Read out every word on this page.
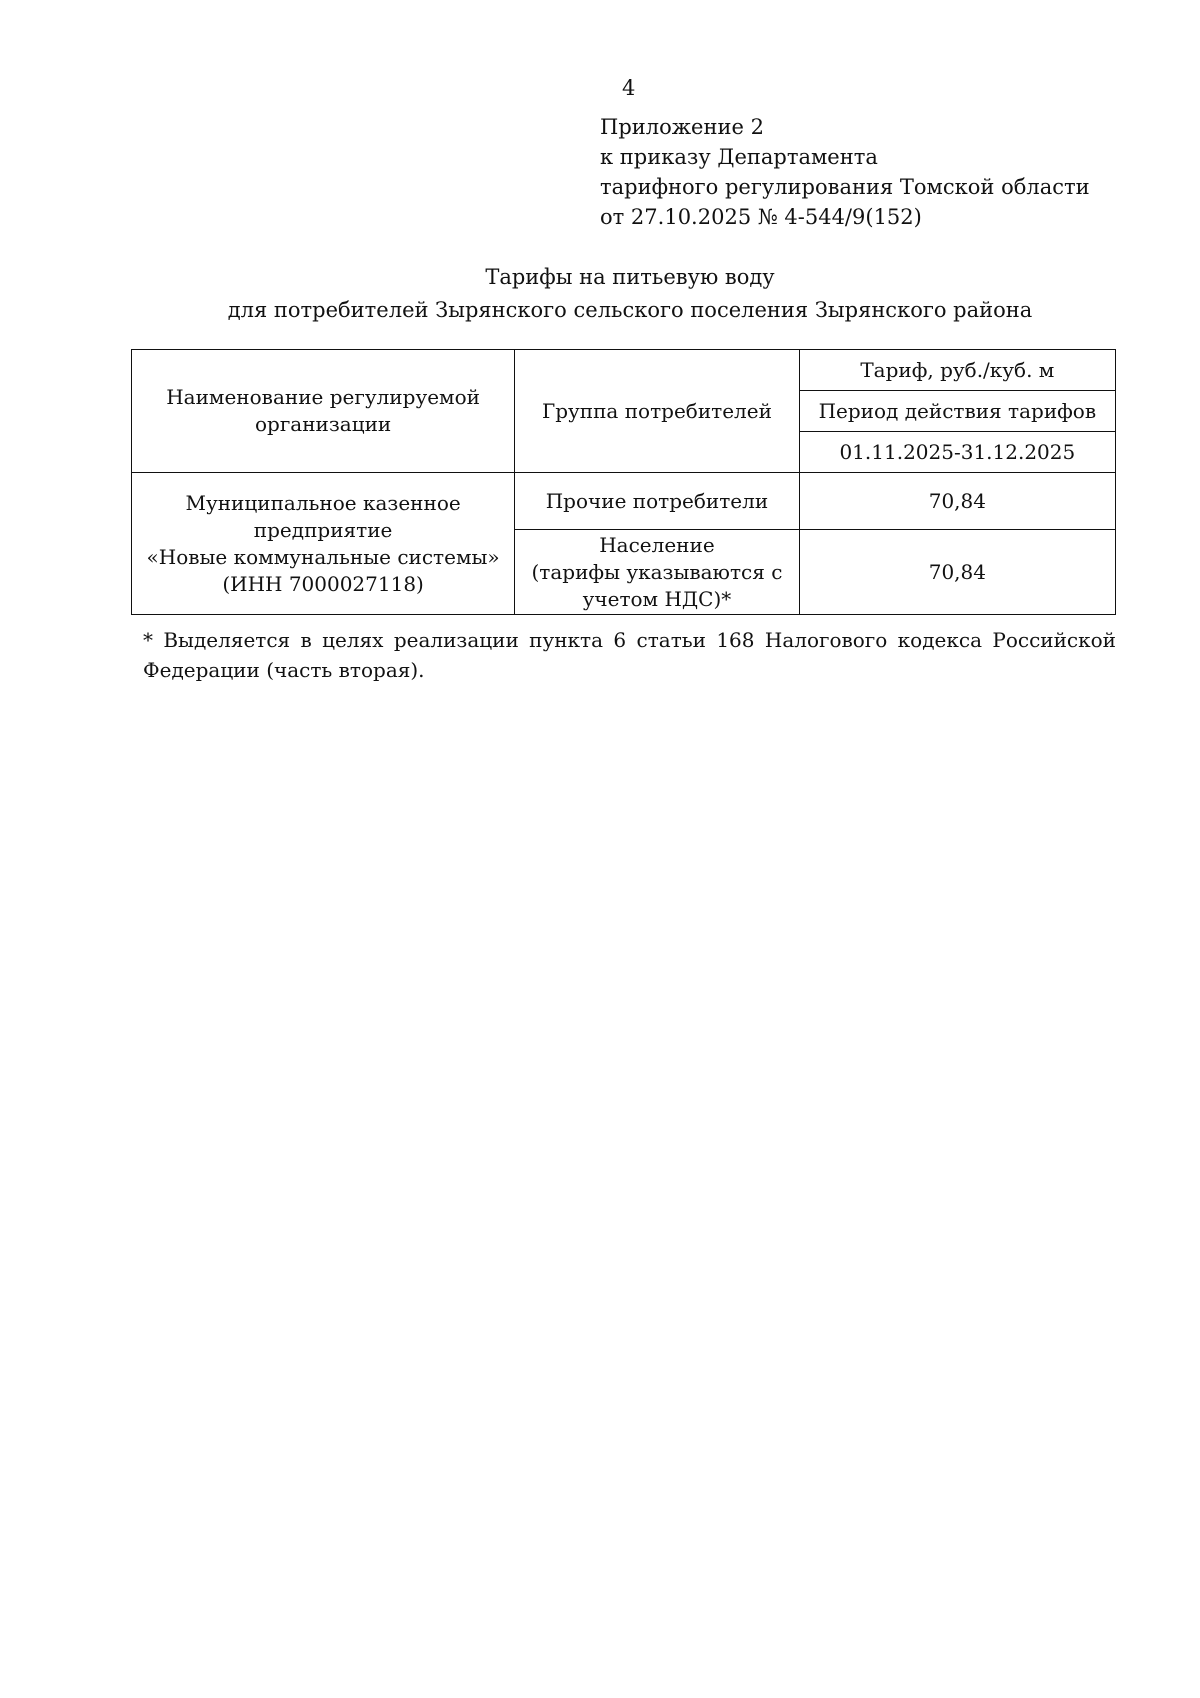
4
Приложение 2
к приказу Департамента
тарифного регулирования Томской области
от 27.10.2025 № 4-544/9(152)
Тарифы на питьевую воду
для потребителей Зырянского сельского поселения Зырянского района
Наименование регулируемой организации	Группа потребителей	Тариф, руб./куб. м
		Период действия тарифов
		01.11.2025-31.12.2025

Муниципальное казенное
предприятие
«Новые коммунальные системы»
(ИНН 7000027118)	Прочие потребители	70,84

	Население
(тарифы указываются с
учетом НДС)*	70,84
* Выделяется в целях реализации пункта 6 статьи 168 Налогового кодекса Российской Федерации (часть вторая).
